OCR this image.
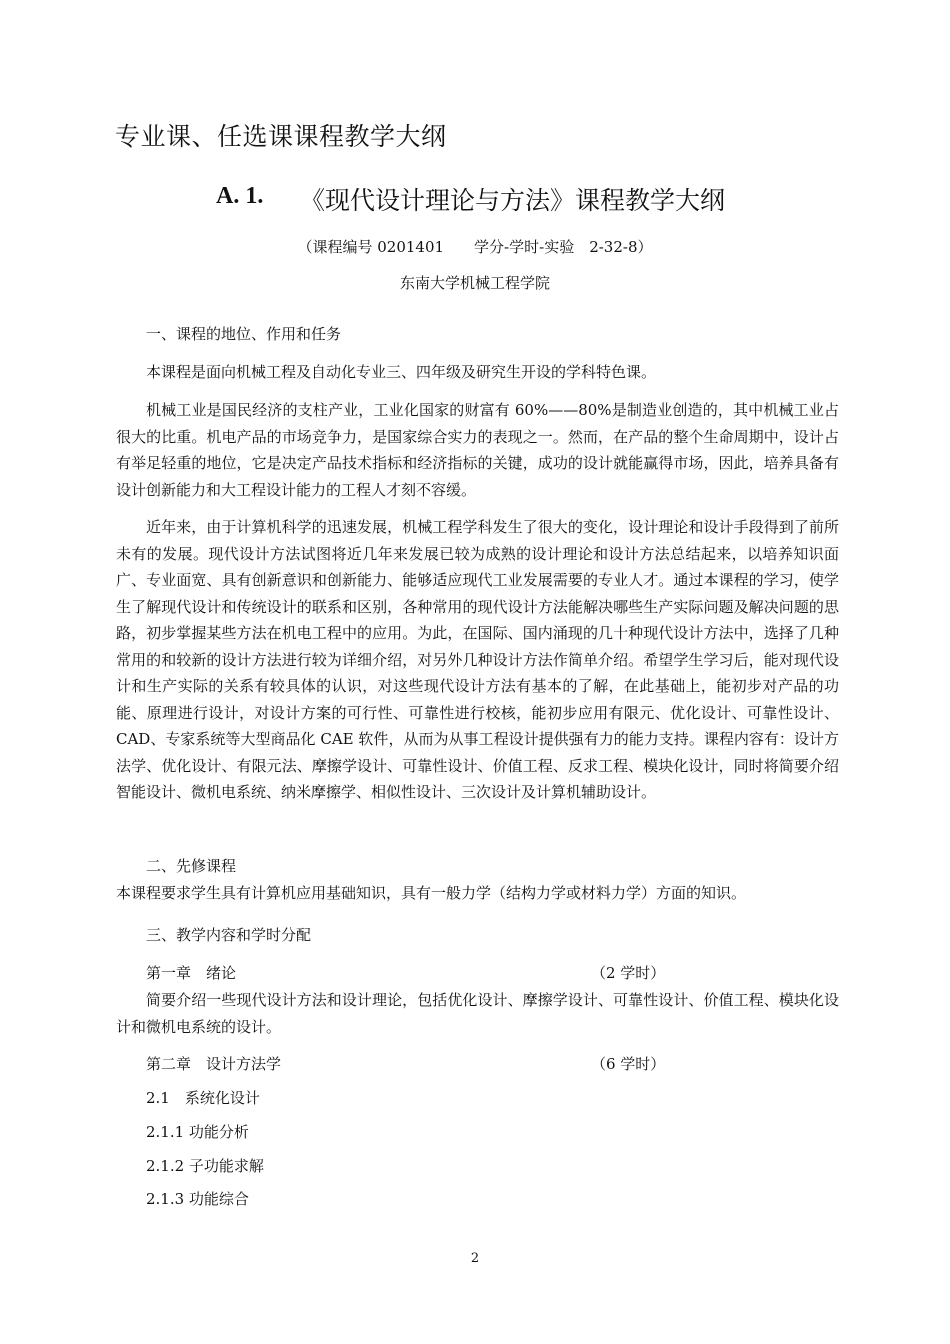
专业课、任选课课程教学大纲
A. 1. 《现代设计理论与方法》课程教学大纲
（课程编号 0201401　　学分-学时-实验　2-32-8）
东南大学机械工程学院
一、课程的地位、作用和任务
本课程是面向机械工程及自动化专业三、四年级及研究生开设的学科特色课。
机械工业是国民经济的支柱产业，工业化国家的财富有 60%——80%是制造业创造的，其中机械工业占很大的比重。机电产品的市场竞争力，是国家综合实力的表现之一。然而，在产品的整个生命周期中，设计占有举足轻重的地位，它是决定产品技术指标和经济指标的关键，成功的设计就能赢得市场，因此，培养具备有设计创新能力和大工程设计能力的工程人才刻不容缓。
近年来，由于计算机科学的迅速发展，机械工程学科发生了很大的变化，设计理论和设计手段得到了前所未有的发展。现代设计方法试图将近几年来发展已较为成熟的设计理论和设计方法总结起来，以培养知识面广、专业面宽、具有创新意识和创新能力、能够适应现代工业发展需要的专业人才。通过本课程的学习，使学生了解现代设计和传统设计的联系和区别，各种常用的现代设计方法能解决哪些生产实际问题及解决问题的思路，初步掌握某些方法在机电工程中的应用。为此，在国际、国内涌现的几十种现代设计方法中，选择了几种常用的和较新的设计方法进行较为详细介绍，对另外几种设计方法作简单介绍。希望学生学习后，能对现代设计和生产实际的关系有较具体的认识，对这些现代设计方法有基本的了解，在此基础上，能初步对产品的功能、原理进行设计，对设计方案的可行性、可靠性进行校核，能初步应用有限元、优化设计、可靠性设计、CAD、专家系统等大型商品化 CAE 软件，从而为从事工程设计提供强有力的能力支持。课程内容有：设计方法学、优化设计、有限元法、摩擦学设计、可靠性设计、价值工程、反求工程、模块化设计，同时将简要介绍智能设计、微机电系统、纳米摩擦学、相似性设计、三次设计及计算机辅助设计。
二、先修课程
本课程要求学生具有计算机应用基础知识，具有一般力学（结构力学或材料力学）方面的知识。
三、教学内容和学时分配
第一章　绪论	（2 学时）
简要介绍一些现代设计方法和设计理论，包括优化设计、摩擦学设计、可靠性设计、价值工程、模块化设计和微机电系统的设计。
第二章　设计方法学	（6 学时）
2.1　系统化设计
2.1.1 功能分析
2.1.2 子功能求解
2.1.3 功能综合
2
